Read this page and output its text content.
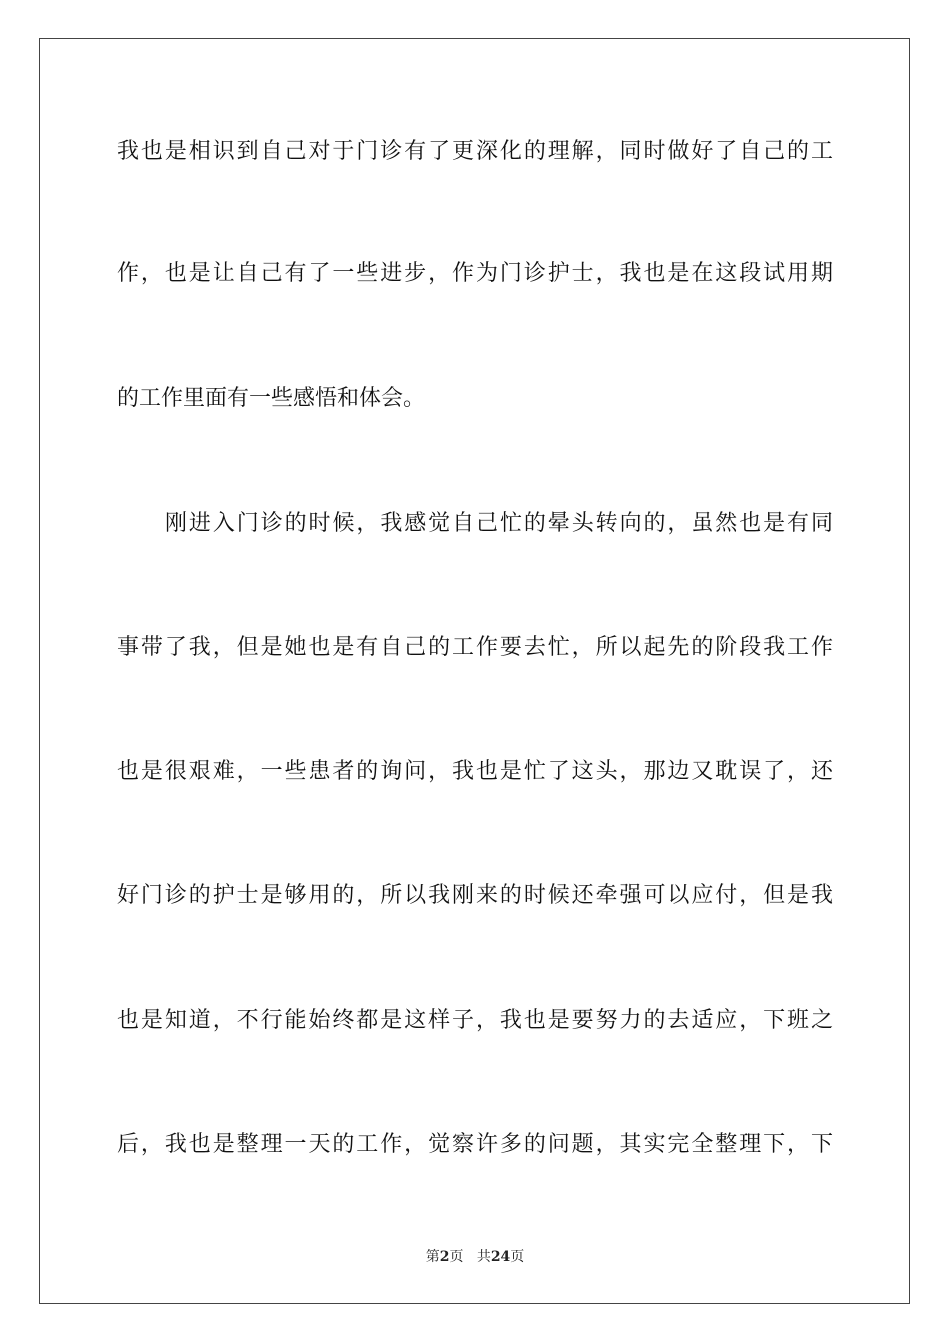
我也是相识到自己对于门诊有了更深化的理解，同时做好了自己的工
作，也是让自己有了一些进步，作为门诊护士，我也是在这段试用期
的工作里面有一些感悟和体会。
刚进入门诊的时候，我感觉自己忙的晕头转向的，虽然也是有同
事带了我，但是她也是有自己的工作要去忙，所以起先的阶段我工作
也是很艰难，一些患者的询问，我也是忙了这头，那边又耽误了，还
好门诊的护士是够用的，所以我刚来的时候还牵强可以应付，但是我
也是知道，不行能始终都是这样子，我也是要努力的去适应，下班之
后，我也是整理一天的工作，觉察许多的问题，其实完全整理下，下
第2页 共24页
